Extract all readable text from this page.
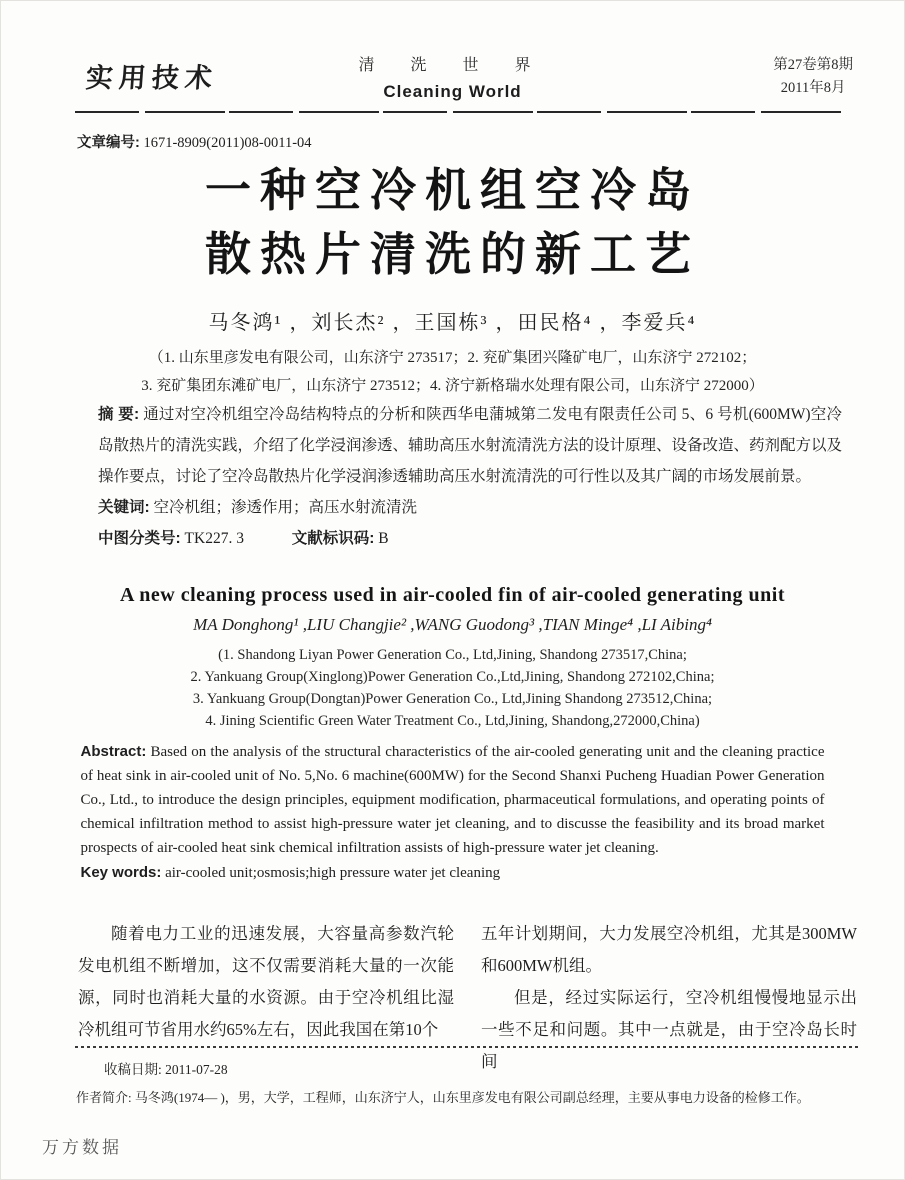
实用技术	清 洗 世 界
Cleaning World
第27卷第8期
2011年8月
文章编号: 1671-8909(2011)08-0011-04
一种空冷机组空冷岛
散热片清洗的新工艺
马冬鸿¹ ，刘长杰² ，王国栋³ ，田民格⁴ ，李爱兵⁴
（1. 山东里彦发电有限公司，山东济宁 273517；2. 兖矿集团兴隆矿电厂，山东济宁 272102；
3. 兖矿集团东滩矿电厂，山东济宁 273512；4. 济宁新格瑞水处理有限公司，山东济宁 272000）
摘 要: 通过对空冷机组空冷岛结构特点的分析和陕西华电蒲城第二发电有限责任公司 5、6 号机(600MW)空冷岛散热片的清洗实践，介绍了化学浸润渗透、辅助高压水射流清洗方法的设计原理、设备改造、药剂配方以及操作要点，讨论了空冷岛散热片化学浸润渗透辅助高压水射流清洗的可行性以及其广阔的市场发展前景。
关键词: 空冷机组；渗透作用；高压水射流清洗
中图分类号: TK227. 3	文献标识码: B
A new cleaning process used in air-cooled fin of air-cooled generating unit
MA Donghong¹ ,LIU Changjie² ,WANG Guodong³ ,TIAN Minge⁴ ,LI Aibing⁴
(1. Shandong Liyan Power Generation Co., Ltd,Jining, Shandong 273517,China;
2. Yankuang Group(Xinglong)Power Generation Co.,Ltd,Jining, Shandong 272102,China;
3. Yankuang Group(Dongtan)Power Generation Co., Ltd,Jining Shandong 273512,China;
4. Jining Scientific Green Water Treatment Co., Ltd,Jining, Shandong,272000,China)
Abstract: Based on the analysis of the structural characteristics of the air-cooled generating unit and the cleaning practice of heat sink in air-cooled unit of No. 5,No. 6 machine(600MW) for the Second Shanxi Pucheng Huadian Power Generation Co., Ltd., to introduce the design principles, equipment modification, pharmaceutical formulations, and operating points of chemical infiltration method to assist high-pressure water jet cleaning, and to discusse the feasibility and its broad market prospects of air-cooled heat sink chemical infiltration assists of high-pressure water jet cleaning.
Key words: air-cooled unit;osmosis;high pressure water jet cleaning

随着电力工业的迅速发展，大容量高参数汽轮发电机组不断增加，这不仅需要消耗大量的一次能源，同时也消耗大量的水资源。由于空冷机组比湿冷机组可节省用水约65%左右，因此我国在第10个

五年计划期间，大力发展空冷机组，尤其是300MW和600MW机组。

但是，经过实际运行，空冷机组慢慢地显示出一些不足和问题。其中一点就是，由于空冷岛长时间

收稿日期: 2011-07-28
作者简介: 马冬鸿(1974— )，男，大学，工程师，山东济宁人，山东里彦发电有限公司副总经理，主要从事电力设备的检修工作。
万方数据
